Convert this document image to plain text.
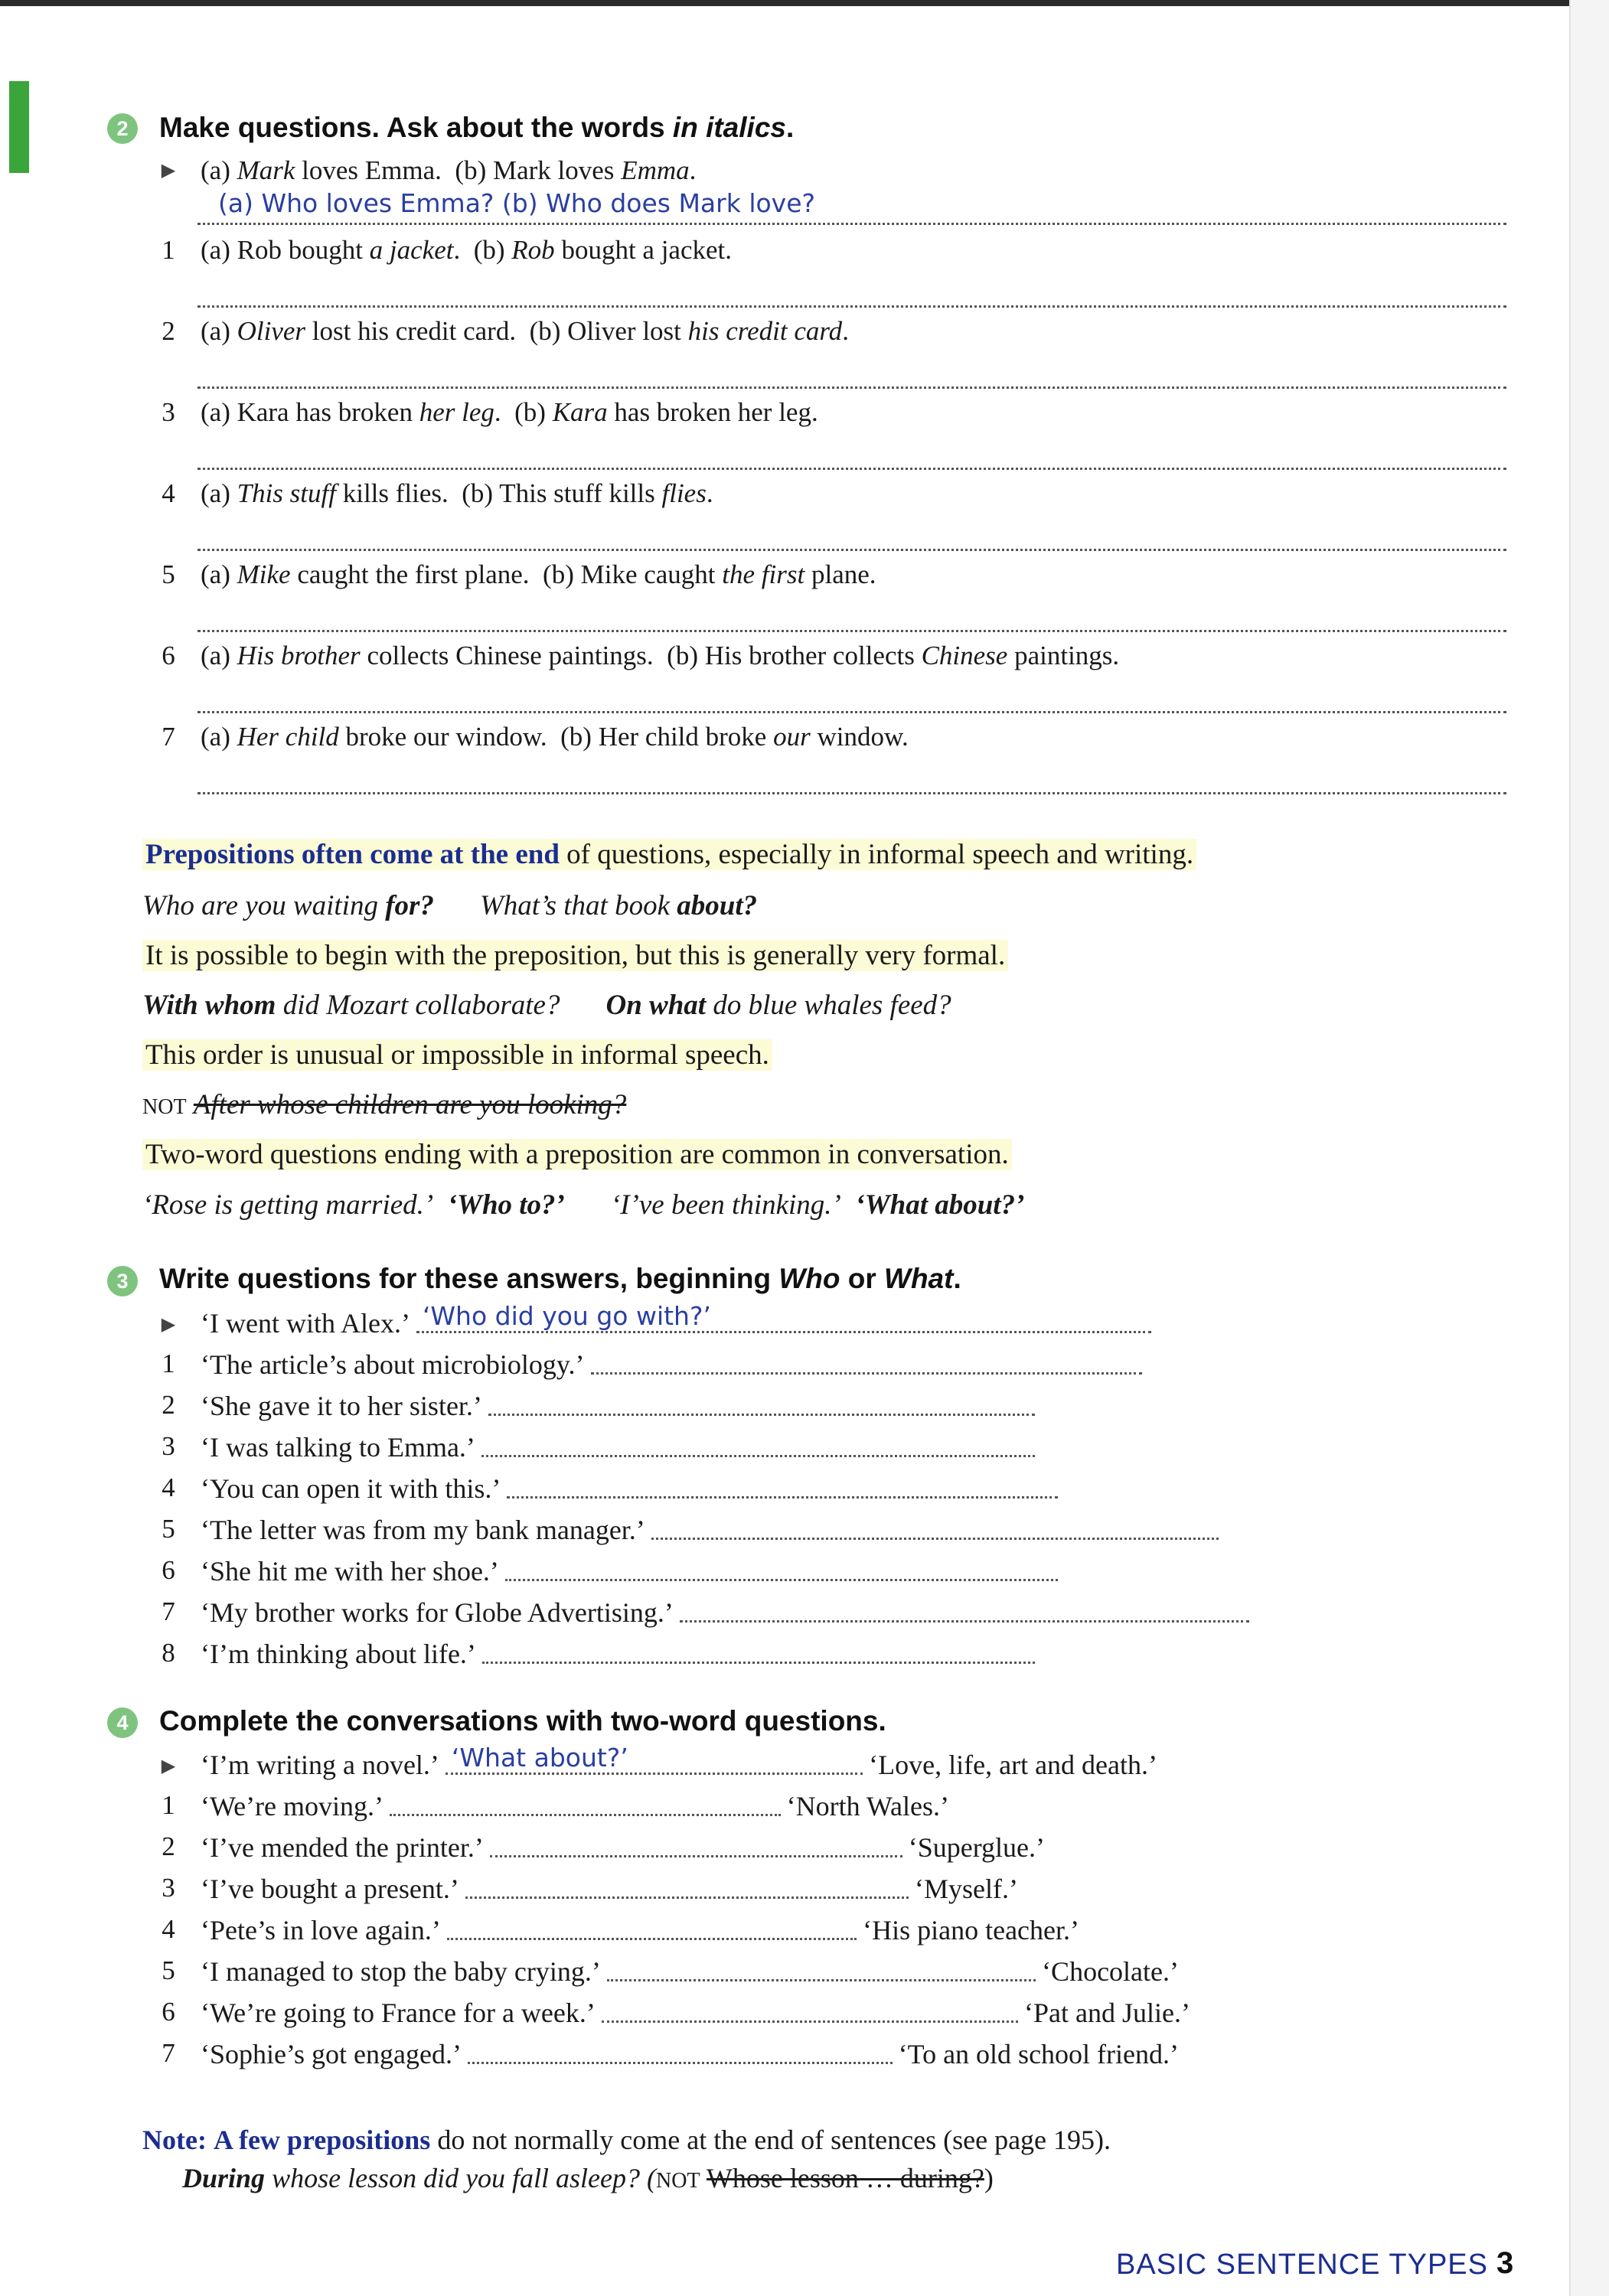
2	Make questions. Ask about the words in italics.
▶ (a) Mark loves Emma. (b) Mark loves Emma.
(a) Who loves Emma? (b) Who does Mark love?
1 (a) Rob bought a jacket. (b) Rob bought a jacket.
2 (a) Oliver lost his credit card. (b) Oliver lost his credit card.
3 (a) Kara has broken her leg. (b) Kara has broken her leg.
4 (a) This stuff kills flies. (b) This stuff kills flies.
5 (a) Mike caught the first plane. (b) Mike caught the first plane.
6 (a) His brother collects Chinese paintings. (b) His brother collects Chinese paintings.
7 (a) Her child broke our window. (b) Her child broke our window.
Prepositions often come at the end of questions, especially in informal speech and writing.
Who are you waiting for? What’s that book about?
It is possible to begin with the preposition, but this is generally very formal.
With whom did Mozart collaborate? On what do blue whales feed?
This order is unusual or impossible in informal speech.
NOT After whose children are you looking?
Two-word questions ending with a preposition are common in conversation.
‘Rose is getting married.’ ‘Who to?’ ‘I’ve been thinking.’ ‘What about?’
3	Write questions for these answers, beginning Who or What.
▶ ‘I went with Alex.’ ‘Who did you go with?’
1 ‘The article’s about microbiology.’
2 ‘She gave it to her sister.’
3 ‘I was talking to Emma.’
4 ‘You can open it with this.’
5 ‘The letter was from my bank manager.’
6 ‘She hit me with her shoe.’
7 ‘My brother works for Globe Advertising.’
8 ‘I’m thinking about life.’
4	Complete the conversations with two-word questions.
▶ ‘I’m writing a novel.’ ‘What about?’	‘Love, life, art and death.’
1 ‘We’re moving.’	‘North Wales.’
2 ‘I’ve mended the printer.’	‘Superglue.’
3 ‘I’ve bought a present.’	‘Myself.’
4 ‘Pete’s in love again.’	‘His piano teacher.’
5 ‘I managed to stop the baby crying.’	‘Chocolate.’
6 ‘We’re going to France for a week.’	‘Pat and Julie.’
7 ‘Sophie’s got engaged.’	‘To an old school friend.’
Note: A few prepositions do not normally come at the end of sentences (see page 195).
During whose lesson did you fall asleep? (NOT Whose lesson … during?)
BASIC SENTENCE TYPES 3
